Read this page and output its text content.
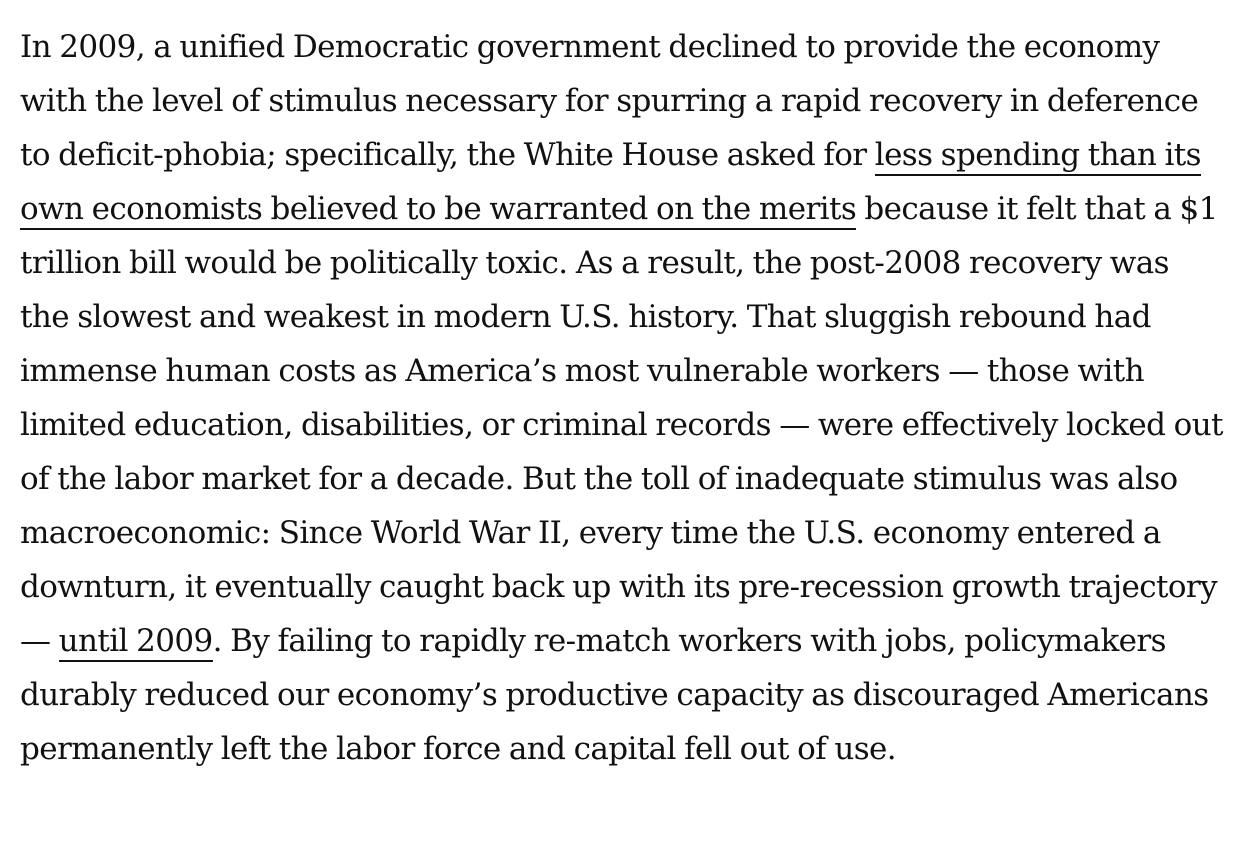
In 2009, a unified Democratic government declined to provide the economy with the level of stimulus necessary for spurring a rapid recovery in deference to deficit-phobia; specifically, the White House asked for less spending than its own economists believed to be warranted on the merits because it felt that a $1 trillion bill would be politically toxic. As a result, the post-2008 recovery was the slowest and weakest in modern U.S. history. That sluggish rebound had immense human costs as America’s most vulnerable workers — those with limited education, disabilities, or criminal records — were effectively locked out of the labor market for a decade. But the toll of inadequate stimulus was also macroeconomic: Since World War II, every time the U.S. economy entered a downturn, it eventually caught back up with its pre-recession growth trajectory — until 2009. By failing to rapidly re-match workers with jobs, policymakers durably reduced our economy’s productive capacity as discouraged Americans permanently left the labor force and capital fell out of use.
